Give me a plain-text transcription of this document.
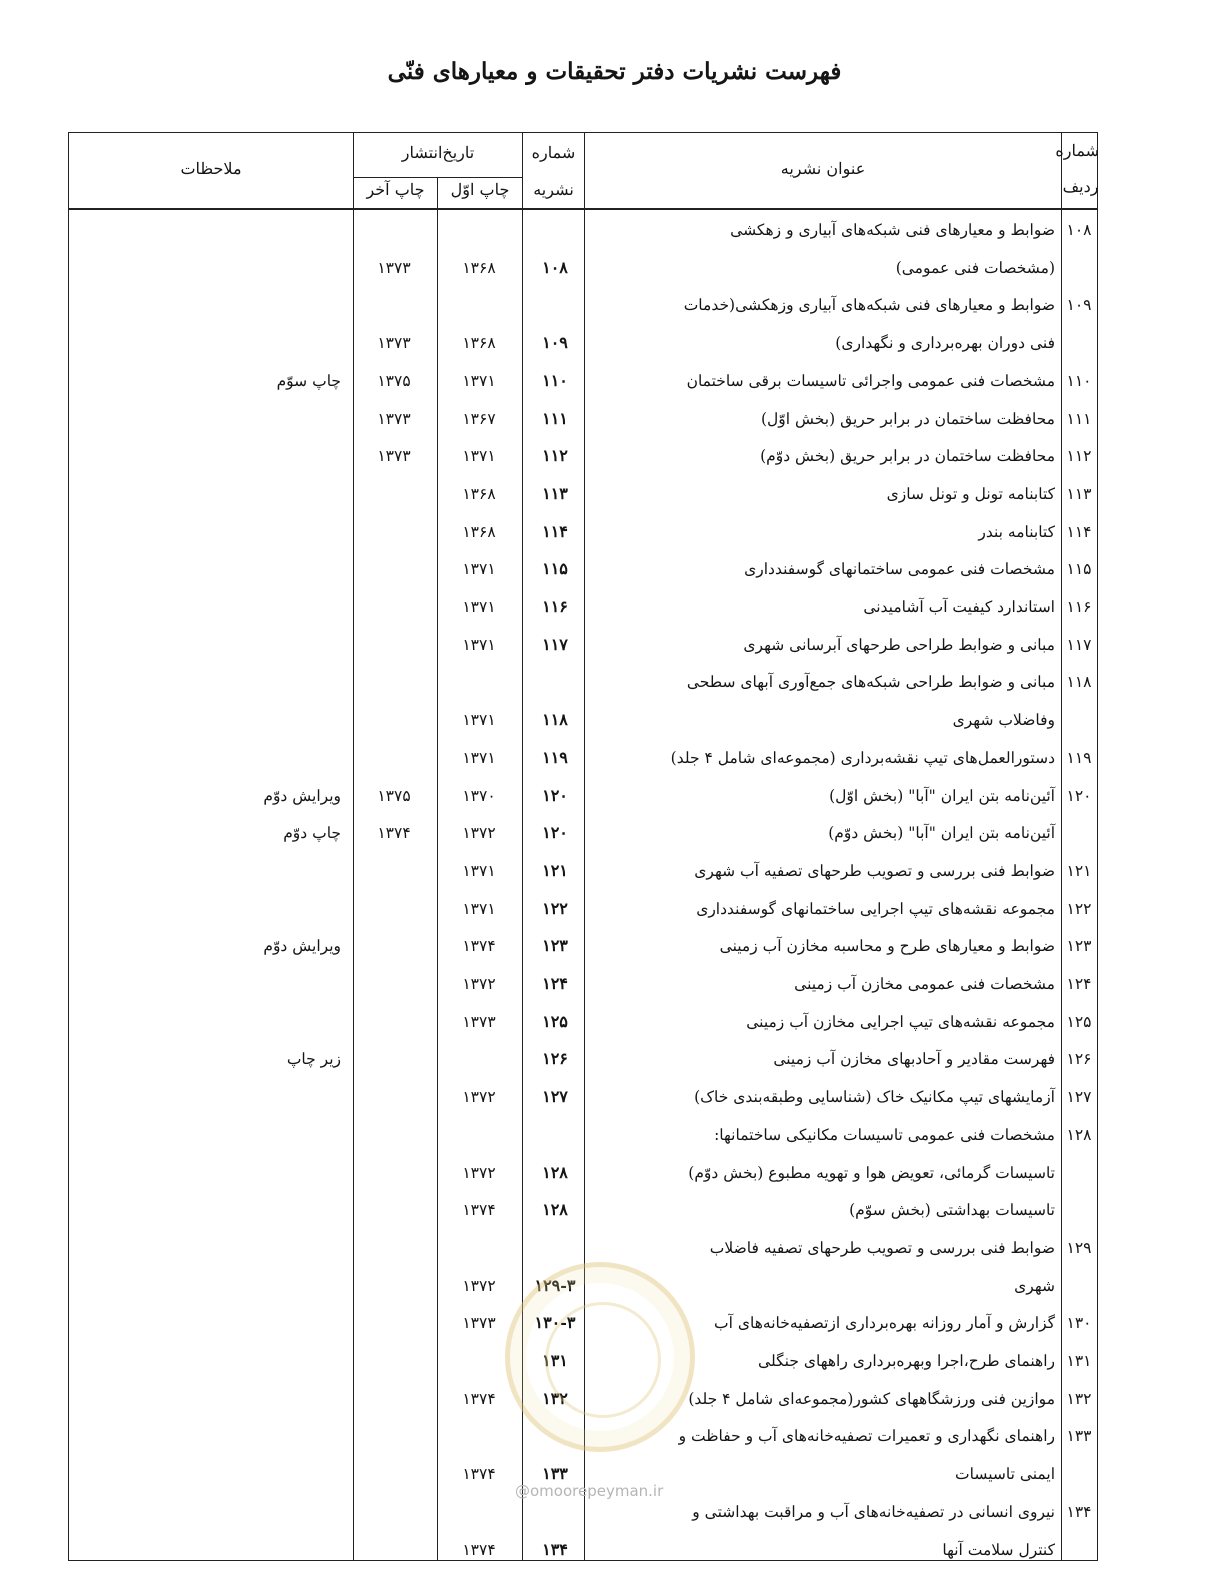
فهرست نشریات دفتر تحقیقات و معیارهای فنّی
شماره
ردیف
عنوان نشریه
شماره
نشریه
تاریخ‌انتشار
چاپ اوّل
چاپ آخر
ملاحظات
۱۰۸
ضوابط و معیارهای فنی شبکه‌های آبیاری و زهکشی
(مشخصات فنی عمومی)
۱۰۸
۱۳۶۸
۱۳۷۳
۱۰۹
ضوابط و معیارهای فنی شبکه‌های آبیاری وزهکشی(خدمات
فنی دوران بهره‌برداری و نگهداری)
۱۰۹
۱۳۶۸
۱۳۷۳
۱۱۰
مشخصات فنی عمومی واجرائی تاسیسات برقی ساختمان
۱۱۰
۱۳۷۱
۱۳۷۵
چاپ سوّم
۱۱۱
محافظت ساختمان در برابر حریق (بخش اوّل)
۱۱۱
۱۳۶۷
۱۳۷۳
۱۱۲
محافظت ساختمان در برابر حریق (بخش دوّم)
۱۱۲
۱۳۷۱
۱۳۷۳
۱۱۳
کتابنامه تونل و تونل سازی
۱۱۳
۱۳۶۸
۱۱۴
کتابنامه بندر
۱۱۴
۱۳۶۸
۱۱۵
مشخصات فنی عمومی ساختمانهای گوسفندداری
۱۱۵
۱۳۷۱
۱۱۶
استاندارد کیفیت آب آشامیدنی
۱۱۶
۱۳۷۱
۱۱۷
مبانی و ضوابط طراحی طرحهای آبرسانی شهری
۱۱۷
۱۳۷۱
۱۱۸
مبانی و ضوابط طراحی شبکه‌های جمع‌آوری آبهای سطحی
وفاضلاب شهری
۱۱۸
۱۳۷۱
۱۱۹
دستورالعمل‌های تیپ نقشه‌برداری (مجموعه‌ای شامل ۴ جلد)
۱۱۹
۱۳۷۱
۱۲۰
آئین‌نامه بتن ایران "آبا" (بخش اوّل)
۱۲۰
۱۳۷۰
۱۳۷۵
ویرایش دوّم
آئین‌نامه بتن ایران "آبا" (بخش دوّم)
۱۲۰
۱۳۷۲
۱۳۷۴
چاپ دوّم
۱۲۱
ضوابط فنی بررسی و تصویب طرحهای تصفیه آب شهری
۱۲۱
۱۳۷۱
۱۲۲
مجموعه نقشه‌های تیپ اجرایی ساختمانهای گوسفندداری
۱۲۲
۱۳۷۱
۱۲۳
ضوابط و معیارهای طرح و محاسبه مخازن آب زمینی
۱۲۳
۱۳۷۴
ویرایش دوّم
۱۲۴
مشخصات فنی عمومی مخازن آب زمینی
۱۲۴
۱۳۷۲
۱۲۵
مجموعه نقشه‌های تیپ اجرایی مخازن آب زمینی
۱۲۵
۱۳۷۳
۱۲۶
فهرست مقادیر و آحادبهای مخازن آب زمینی
۱۲۶
زیر چاپ
۱۲۷
آزمایشهای تیپ مکانیک خاک (شناسایی وطبقه‌بندی خاک)
۱۲۷
۱۳۷۲
۱۲۸
مشخصات فنی عمومی تاسیسات مکانیکی ساختمانها:
تاسیسات گرمائی، تعویض هوا و تهویه مطبوع (بخش دوّم)
۱۲۸
۱۳۷۲
تاسیسات بهداشتی (بخش سوّم)
۱۲۸
۱۳۷۴
۱۲۹
ضوابط فنی بررسی و تصویب طرحهای تصفیه فاضلاب
شهری
۱۲۹-۳
۱۳۷۲
۱۳۰
گزارش و آمار روزانه بهره‌برداری ازتصفیه‌خانه‌های آب
۱۳۰-۳
۱۳۷۳
۱۳۱
راهنمای طرح،اجرا وبهره‌برداری راههای جنگلی
۱۳۱
۱۳۲
موازین فنی ورزشگاههای کشور(مجموعه‌ای شامل ۴ جلد)
۱۳۲
۱۳۷۴
۱۳۳
راهنمای نگهداری و تعمیرات تصفیه‌خانه‌های آب و حفاظت و
ایمنی تاسیسات
۱۳۳
۱۳۷۴
۱۳۴
نیروی انسانی در تصفیه‌خانه‌های آب و مراقبت بهداشتی و
کنترل سلامت آنها
۱۳۴
۱۳۷۴
@omoorepeyman.ir
